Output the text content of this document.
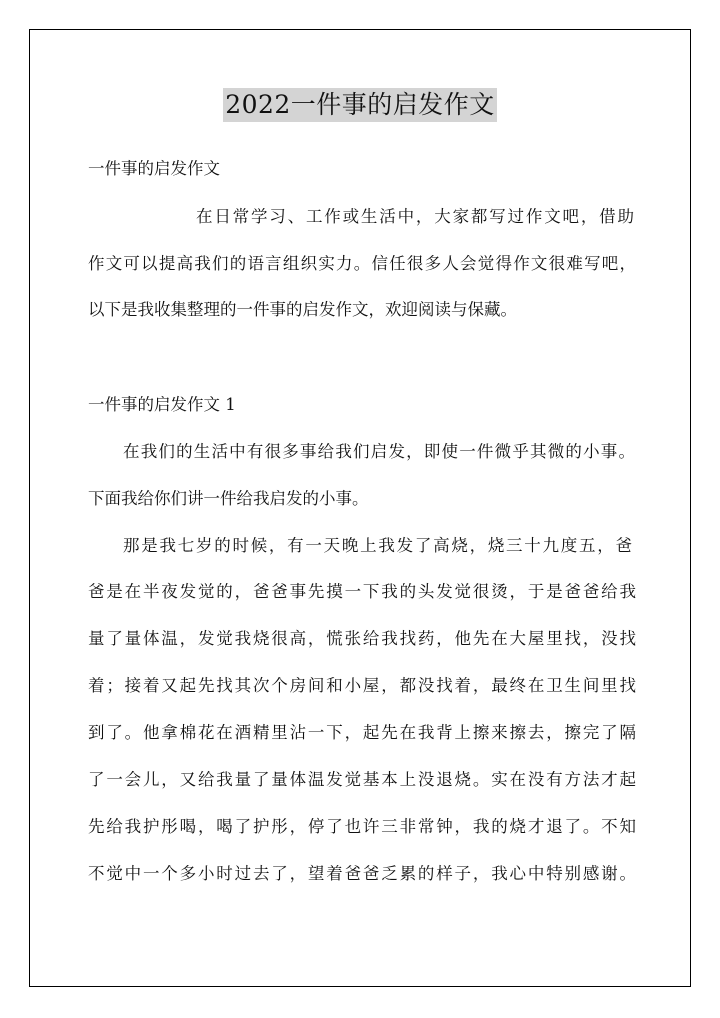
2022一件事的启发作文
一件事的启发作文
在日常学习、工作或生活中，大家都写过作文吧，借助
作文可以提高我们的语言组织实力。信任很多人会觉得作文很难写吧，
以下是我收集整理的一件事的启发作文，欢迎阅读与保藏。
一件事的启发作文 1
在我们的生活中有很多事给我们启发，即使一件微乎其微的小事。
下面我给你们讲一件给我启发的小事。
那是我七岁的时候，有一天晚上我发了高烧，烧三十九度五，爸
爸是在半夜发觉的，爸爸事先摸一下我的头发觉很烫，于是爸爸给我
量了量体温，发觉我烧很高，慌张给我找药，他先在大屋里找，没找
着；接着又起先找其次个房间和小屋，都没找着，最终在卫生间里找
到了。他拿棉花在酒精里沾一下，起先在我背上擦来擦去，擦完了隔
了一会儿，又给我量了量体温发觉基本上没退烧。实在没有方法才起
先给我护彤喝，喝了护彤，停了也许三非常钟，我的烧才退了。不知
不觉中一个多小时过去了，望着爸爸乏累的样子，我心中特别感谢。
